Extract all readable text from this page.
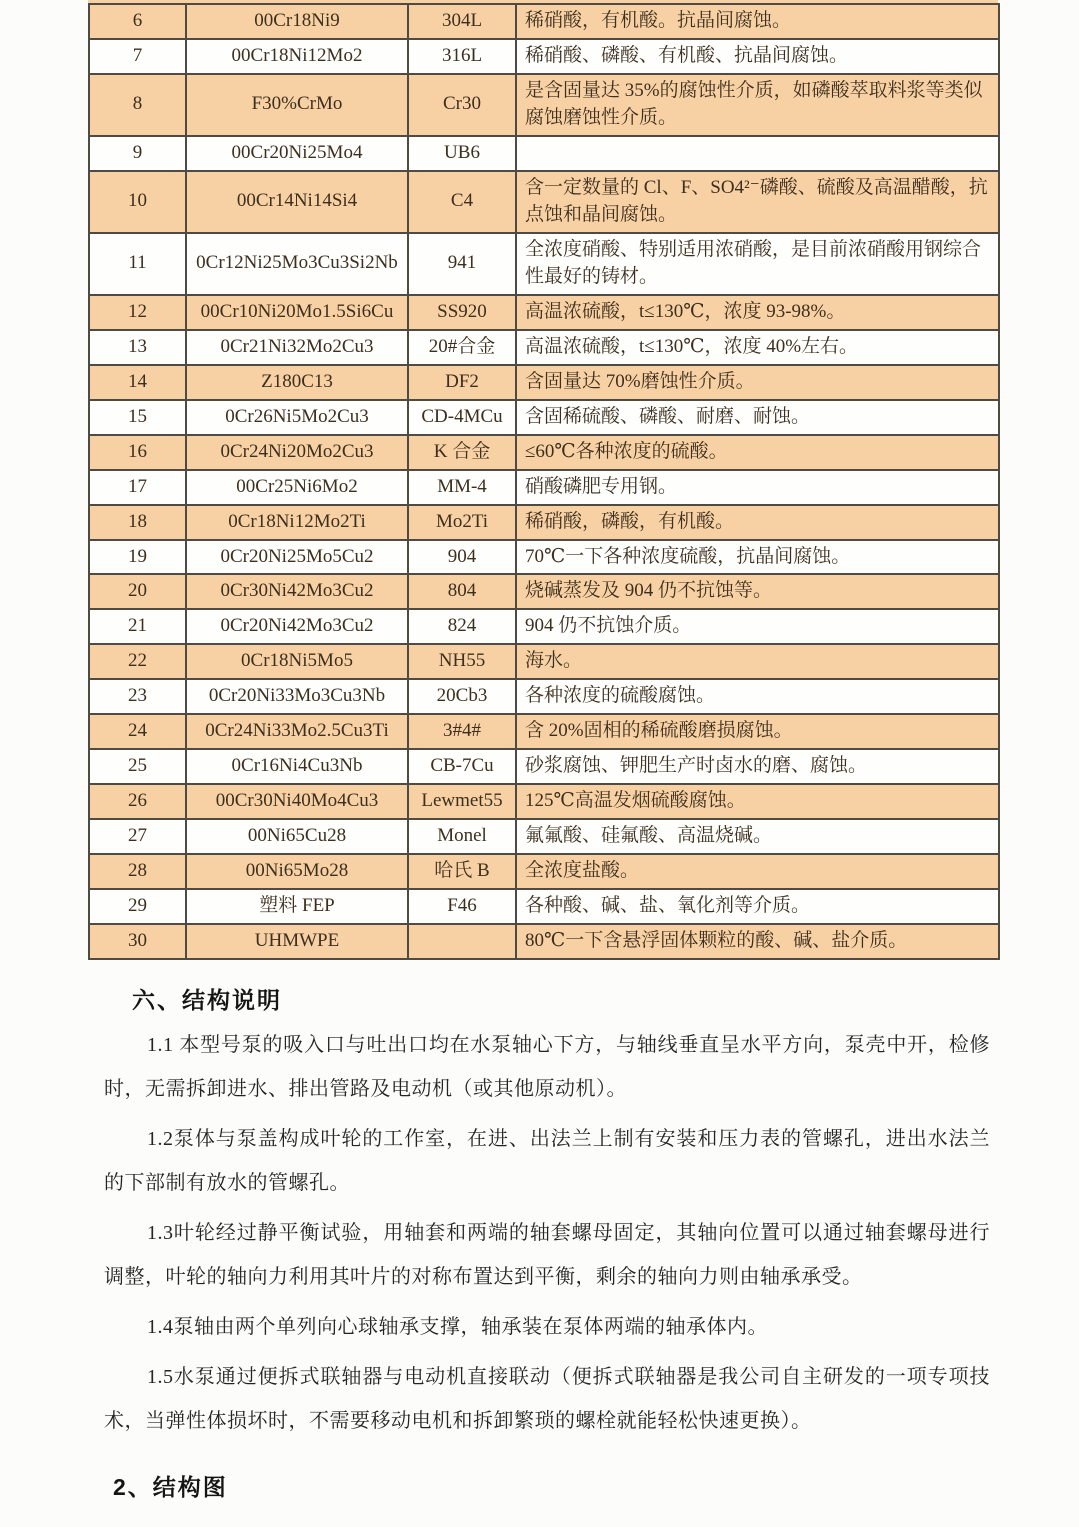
6	00Cr18Ni9	304L	稀硝酸，有机酸。抗晶间腐蚀。
7	00Cr18Ni12Mo2	316L	稀硝酸、磷酸、有机酸、抗晶间腐蚀。
8	F30%CrMo	Cr30	是含固量达 35%的腐蚀性介质，如磷酸萃取料浆等类似腐蚀磨蚀性介质。
9	00Cr20Ni25Mo4	UB6	
10	00Cr14Ni14Si4	C4	含一定数量的 Cl、F、SO4²⁻磷酸、硫酸及高温醋酸，抗点蚀和晶间腐蚀。
11	0Cr12Ni25Mo3Cu3Si2Nb	941	全浓度硝酸、特别适用浓硝酸，是目前浓硝酸用钢综合性最好的铸材。
12	00Cr10Ni20Mo1.5Si6Cu	SS920	高温浓硫酸，t≤130℃，浓度 93-98%。
13	0Cr21Ni32Mo2Cu3	20#合金	高温浓硫酸，t≤130℃，浓度 40%左右。
14	Z180C13	DF2	含固量达 70%磨蚀性介质。
15	0Cr26Ni5Mo2Cu3	CD-4MCu	含固稀硫酸、磷酸、耐磨、耐蚀。
16	0Cr24Ni20Mo2Cu3	K 合金	≤60℃各种浓度的硫酸。
17	00Cr25Ni6Mo2	MM-4	硝酸磷肥专用钢。
18	0Cr18Ni12Mo2Ti	Mo2Ti	稀硝酸，磷酸，有机酸。
19	0Cr20Ni25Mo5Cu2	904	70℃一下各种浓度硫酸，抗晶间腐蚀。
20	0Cr30Ni42Mo3Cu2	804	烧碱蒸发及 904 仍不抗蚀等。
21	0Cr20Ni42Mo3Cu2	824	904 仍不抗蚀介质。
22	0Cr18Ni5Mo5	NH55	海水。
23	0Cr20Ni33Mo3Cu3Nb	20Cb3	各种浓度的硫酸腐蚀。
24	0Cr24Ni33Mo2.5Cu3Ti	3#4#	含 20%固相的稀硫酸磨损腐蚀。
25	0Cr16Ni4Cu3Nb	CB-7Cu	砂浆腐蚀、钾肥生产时卤水的磨、腐蚀。
26	00Cr30Ni40Mo4Cu3	Lewmet55	125℃高温发烟硫酸腐蚀。
27	00Ni65Cu28	Monel	氟氟酸、硅氟酸、高温烧碱。
28	00Ni65Mo28	哈氏 B	全浓度盐酸。
29	塑料 FEP	F46	各种酸、碱、盐、氧化剂等介质。
30	UHMWPE		80℃一下含悬浮固体颗粒的酸、碱、盐介质。
六、结构说明

1.1 本型号泵的吸入口与吐出口均在水泵轴心下方，与轴线垂直呈水平方向，泵壳中开，检修时，无需拆卸进水、排出管路及电动机（或其他原动机）。

1.2泵体与泵盖构成叶轮的工作室，在进、出法兰上制有安装和压力表的管螺孔，进出水法兰的下部制有放水的管螺孔。

1.3叶轮经过静平衡试验，用轴套和两端的轴套螺母固定，其轴向位置可以通过轴套螺母进行调整，叶轮的轴向力利用其叶片的对称布置达到平衡，剩余的轴向力则由轴承承受。

1.4泵轴由两个单列向心球轴承支撑，轴承装在泵体两端的轴承体内。

1.5水泵通过便拆式联轴器与电动机直接联动（便拆式联轴器是我公司自主研发的一项专项技术，当弹性体损坏时，不需要移动电机和拆卸繁琐的螺栓就能轻松快速更换）。

2、结构图
